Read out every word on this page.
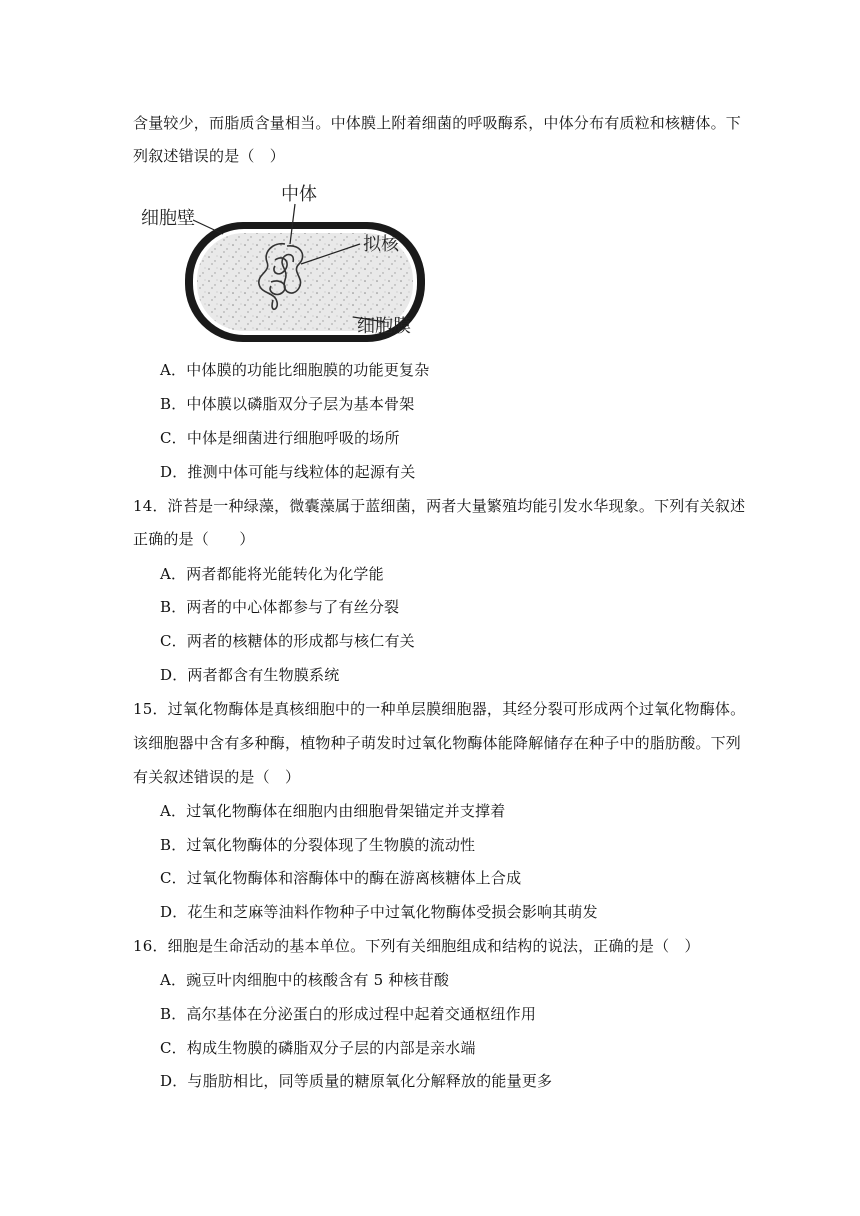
含量较少，而脂质含量相当。中体膜上附着细菌的呼吸酶系，中体分布有质粒和核糖体。下
列叙述错误的是（　）
中体
细胞壁
拟核
细胞膜
A．中体膜的功能比细胞膜的功能更复杂
B．中体膜以磷脂双分子层为基本骨架
C．中体是细菌进行细胞呼吸的场所
D．推测中体可能与线粒体的起源有关
14．浒苔是一种绿藻，微囊藻属于蓝细菌，两者大量繁殖均能引发水华现象。下列有关叙述
正确的是（　　）
A．两者都能将光能转化为化学能
B．两者的中心体都参与了有丝分裂
C．两者的核糖体的形成都与核仁有关
D．两者都含有生物膜系统
15．过氧化物酶体是真核细胞中的一种单层膜细胞器，其经分裂可形成两个过氧化物酶体。
该细胞器中含有多种酶，植物种子萌发时过氧化物酶体能降解储存在种子中的脂肪酸。下列
有关叙述错误的是（　）
A．过氧化物酶体在细胞内由细胞骨架锚定并支撑着
B．过氧化物酶体的分裂体现了生物膜的流动性
C．过氧化物酶体和溶酶体中的酶在游离核糖体上合成
D．花生和芝麻等油料作物种子中过氧化物酶体受损会影响其萌发
16．细胞是生命活动的基本单位。下列有关细胞组成和结构的说法，正确的是（　）
A．豌豆叶肉细胞中的核酸含有 5 种核苷酸
B．高尔基体在分泌蛋白的形成过程中起着交通枢纽作用
C．构成生物膜的磷脂双分子层的内部是亲水端
D．与脂肪相比，同等质量的糖原氧化分解释放的能量更多
